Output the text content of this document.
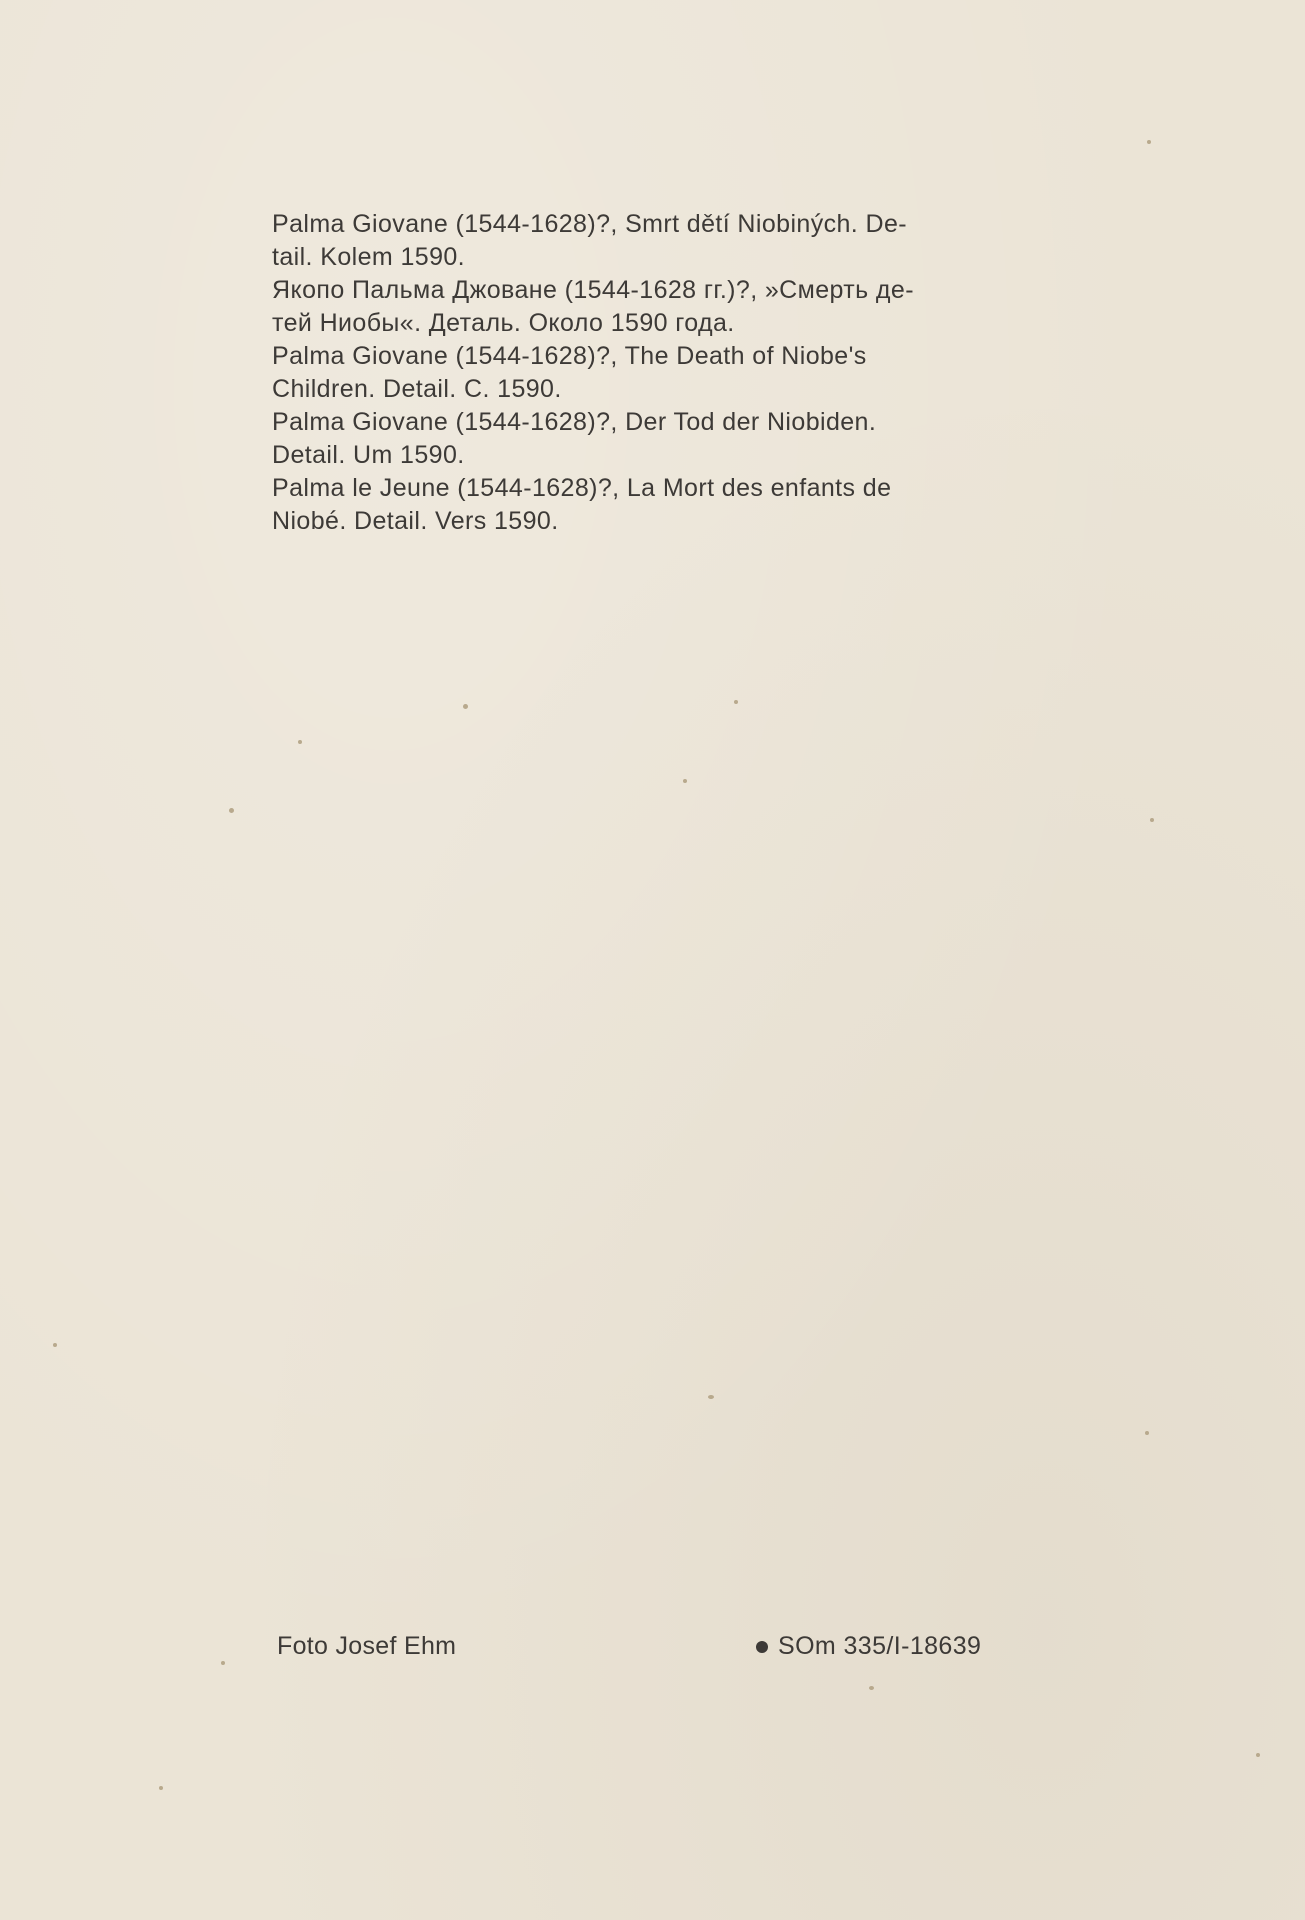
Palma Giovane (1544-1628)?, Smrt dětí Niobiných. De-
tail. Kolem 1590.

Якопо Пальма Джоване (1544-1628 гг.)?, »Смерть де-
тей Ниобы«. Деталь. Около 1590 года.

Palma Giovane (1544-1628)?, The Death of Niobe's
Children. Detail. C. 1590.

Palma Giovane (1544-1628)?, Der Tod der Niobiden.
Detail. Um 1590.

Palma le Jeune (1544-1628)?, La Mort des enfants de
Niobé. Detail. Vers 1590.

Foto Josef Ehm	SOm 335/I-18639
